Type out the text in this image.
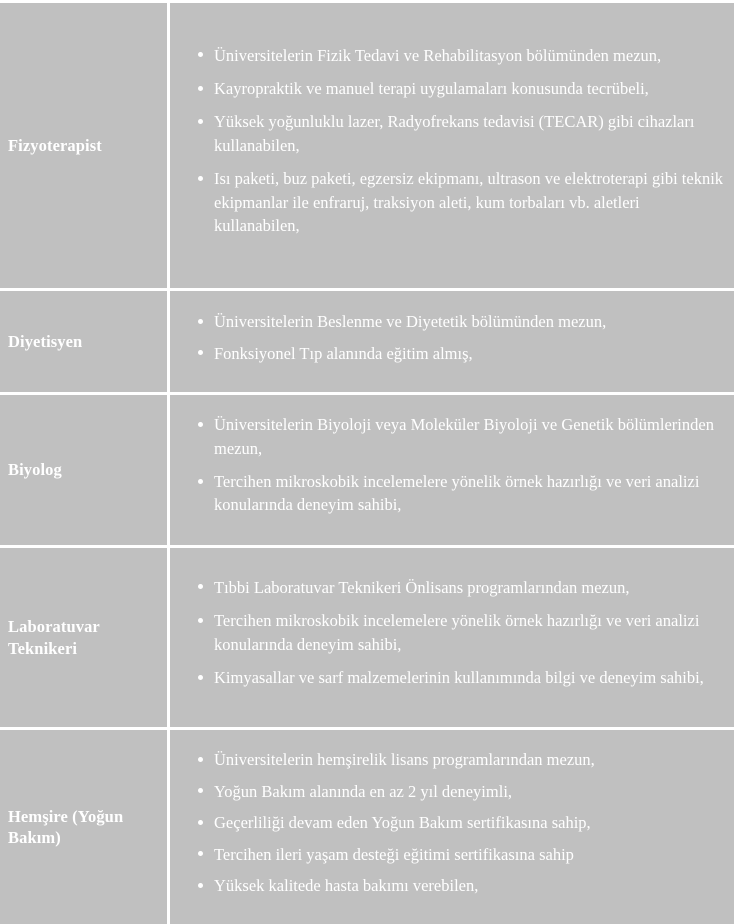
Fizyoterapist
Üniversitelerin Fizik Tedavi ve Rehabilitasyon bölümünden mezun,
Kayropraktik ve manuel terapi uygulamaları konusunda tecrübeli,
Yüksek yoğunluklu lazer, Radyofrekans tedavisi (TECAR) gibi cihazları kullanabilen,
Isı paketi, buz paketi, egzersiz ekipmanı, ultrason ve elektroterapi gibi teknik ekipmanlar ile enfraruj, traksiyon aleti, kum torbaları vb. aletleri kullanabilen,
Diyetisyen
Üniversitelerin Beslenme ve Diyetetik bölümünden mezun,
Fonksiyonel Tıp alanında eğitim almış,
Biyolog
Üniversitelerin Biyoloji veya Moleküler Biyoloji ve Genetik bölümlerinden mezun,
Tercihen mikroskobik incelemelere yönelik örnek hazırlığı ve veri analizi konularında deneyim sahibi,
Laboratuvar Teknikeri
Tıbbi Laboratuvar Teknikeri Önlisans programlarından mezun,
Tercihen mikroskobik incelemelere yönelik örnek hazırlığı ve veri analizi konularında deneyim sahibi,
Kimyasallar ve sarf malzemelerinin kullanımında bilgi ve deneyim sahibi,
Hemşire (Yoğun Bakım)
Üniversitelerin hemşirelik lisans programlarından mezun,
Yoğun Bakım alanında en az 2 yıl deneyimli,
Geçerliliği devam eden Yoğun Bakım sertifikasına sahip,
Tercihen ileri yaşam desteği eğitimi sertifikasına sahip
Yüksek kalitede hasta bakımı verebilen,
